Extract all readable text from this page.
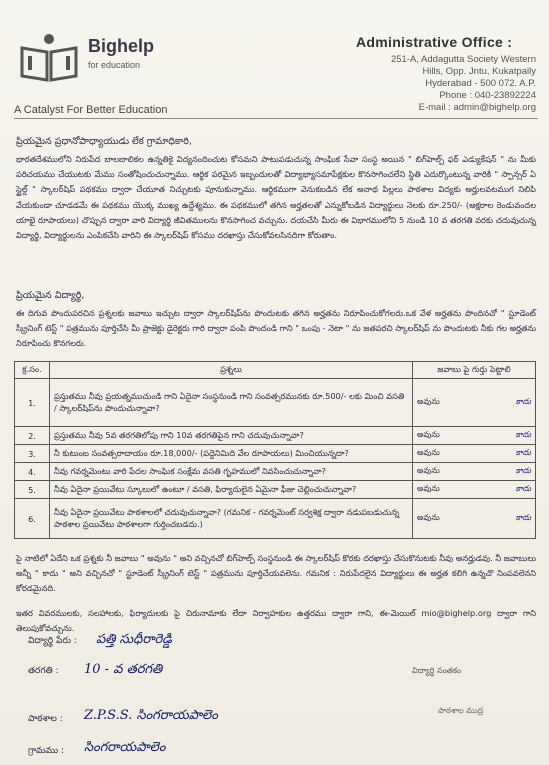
Bighelp
for education
A Catalyst For Better Education
Administrative Office :
251-A, Addagutta Society Western
Hills, Opp. Jntu, Kukatpally
Hyderabad - 500 072. A.P.
Phone : 040-23892224
E-mail : admin@bighelp.org
ప్రియమైన ప్రధానోపాధ్యాయుడు లేక గ్రామాధికారి,
భారతదేశములోని నిరుపేద బాలబాలికల ఉన్నతికై విద్యనందించుట కోసమని పాటుపడుచున్న సాంఘిక సేవా సంస్థ అయిన " బిగ్‌హెల్ప్ ఫర్ ఎడ్యుకేషన్ " ను మీకు పరిచయము చేయుటకు మేము సంతోషించుచున్నాము. ఆర్థిక పరమైన ఇబ్బందులతో విద్యాభ్యాసమాపేక్షకుల కొనసాగించలేని స్థితి ఎదుర్కొంటున్న వారికి " స్పాన్సర్ ఏ స్టైల్డ్ " స్కాలర్‌షిప్ పథకము ద్వారా చేయూత నిచ్చుటకు పూనుకున్నాము. ఆర్థికముగా వెనుకబడిన లేక అనాథ పిల్లలు పాఠశాల విద్యకు అర్హులవటముగ నిలిపి వేయకుండా చూడడమే ఈ పథకము యొక్క ముఖ్య ఉద్దేశ్యము. ఈ పథకములో తగిన అర్హతలతో ఎన్నుకోబడిన విద్యార్థులు నెలకు రూ.250/- (అక్షరాల రెండువందల యాభై రూపాయలు) చొప్పున ద్వారా వారి విద్యార్థి జీవితములను కొనసాగించ వచ్చును. దయచేసి మీరు ఈ విభాగములోని 5 నుండి 10 వ తరగతి వరకు చదువుచున్న విద్యార్థి, విద్యార్థులను ఎంపికచేసి వారిని ఈ స్కాలర్‌షిప్ కోసము దరఖాస్తు చేసుకోవలసినదిగా కోరుతాం.
ప్రియమైన విద్యార్థి,
ఈ దిగువ పొందుపరచిన ప్రశ్నలకు జవాబు ఇచ్చుట ద్వారా స్కాలర్‌షిప్‌ను పొందుటకు తగిన అర్హతను నిరూపించుకోగలరు.ఒక వేళ అర్హతను పొందినచో " స్టూడెంట్ స్క్రీనింగ్ టెస్ట్ " పత్రమును పూర్తిచేసి మీ ప్రాజెక్టు డైరెక్టరు గారి ద్వారా పంపి పొందండి గాని " ఒంపు - నెటా " ను జతపరచి స్కాలర్‌షిప్ ను పొందుటకు నీకు గల అర్హతను నిరూపించు కొనగలరు.
క్ర.సం.	ప్రశ్నలు	జవాబు పై గుర్తు పెట్టాలి
1.	ప్రస్తుతము నీవు ప్రయత్నముచుండి గాని ఏదైనా సంస్థనుండి గాని సంవత్సరమునకు రూ.500/- లకు మించి వసతి / స్కాలర్‌షిప్‌ను పొందుచున్నావా?	అవును కాదు

2.	ప్రస్తుతము నీవు 5వ తరగతిలోపు గాని 10వ తరగతిపైన గాని చదువుచున్నావా?	అవును కాదు

3.	నీ కుటుంబ సంవత్సరాదాయం రూ.18,000/- (పద్దెనిమిది వేల రూపాయలు) మించియున్నదా?	అవును కాదు

4.	నీవు గవర్నమెంటు వారి పేదల సాంఘిక సంక్షేమ వసతి గృహములో నివసించుచున్నావా?	అవును కాదు

5.	నీవు ఏదైనా ప్రయివేటు స్కూలులో ఉంటూ / వసతి, ఫిర్యాదులైన ఏమైనా ఫీజు చెల్లించుచున్నావా?	అవును కాదు

6.	నీవు ఏదైనా ప్రయివేటు పాఠశాలలో చదువుచున్నావా? (గమనిక - గవర్నమెంట్ సర్వశిక్ష ద్వారా నడుపబడుచున్న పాఠశాల ప్రయివేటు పాఠశాలగా గుర్తించబడదు.)	అవును కాదు
పై నాటిలో ఏదేని ఒక ప్రశ్నకు నీ జవాబు " అవును " అని వచ్చినచో బిగ్‌హెల్ప్ సంస్థనుండి ఈ స్కాలర్‌షిప్ కొరకు దరఖాస్తు చేసుకొనుటకు నీవు అనర్హుడవు. నీ జవాబులు అన్నీ " కాదు " అని వచ్చినచో " స్టూడెంట్ స్క్రీనింగ్ టెస్ట్ " పత్రమును పూర్తిచేయవలెను. గమనిక : నిరుపేదలైన విద్యార్థులు ఈ అర్హత కలిగి ఉన్నచొ నింపవలెనని కోరడమైనది.
ఇతర వివరములకు, సలహాలకు, ఫిర్యాదులకు పై చిరునామాకు లేదా నిర్వాహకుల ఉత్తరము ద్వారా గాని, ఈ-మెయిల్ mio@bighelp.org ద్వారా గాని తెలుపుకోవచ్చును.
విద్యార్థి పేరు : పత్తి సుధీరారెడ్డి
తరగతి : 10 - వ తరగతి
పాఠశాల : Z.P.S.S. సింగరాయపాలెం
గ్రామము : సింగరాయపాలెం
విద్యార్థి సంతకం
పాఠశాల ముద్ర
